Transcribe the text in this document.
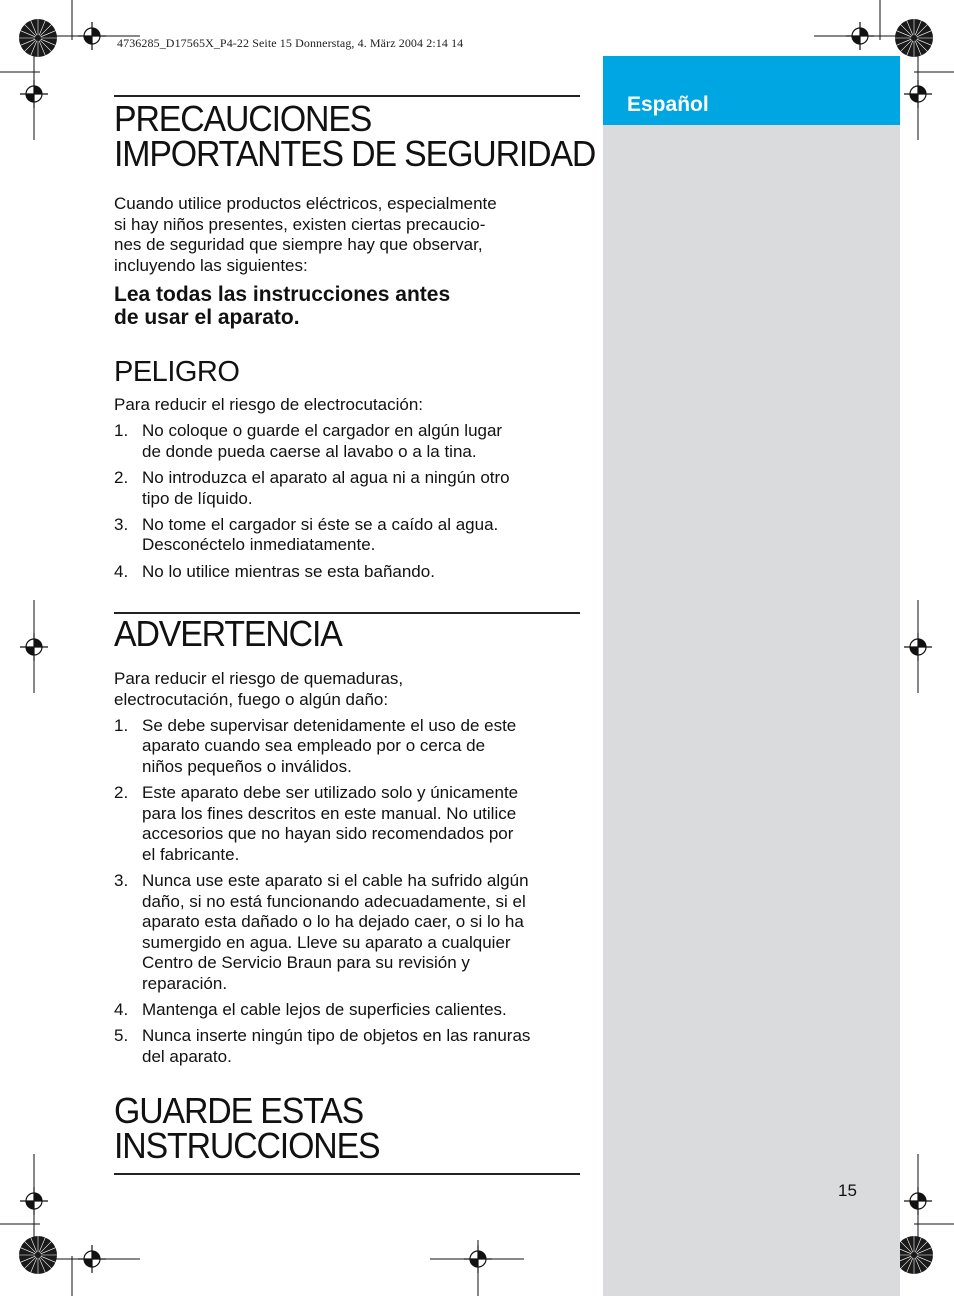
4736285_D17565X_P4-22 Seite 15 Donnerstag, 4. März 2004 2:14 14
Español
PRECAUCIONES
IMPORTANTES DE SEGURIDAD

Cuando utilice productos eléctricos, especialmente
si hay niños presentes, existen ciertas precaucio-
nes de seguridad que siempre hay que observar,
incluyendo las siguientes:

Lea todas las instrucciones antes
de usar el aparato.

PELIGRO

Para reducir el riesgo de electrocutación:

1. No coloque o guarde el cargador en algún lugar
de donde pueda caerse al lavabo o a la tina.
2. No introduzca el aparato al agua ni a ningún otro
tipo de líquido.
3. No tome el cargador si éste se a caído al agua.
Desconéctelo inmediatamente.
4. No lo utilice mientras se esta bañando.
ADVERTENCIA

Para reducir el riesgo de quemaduras,
electrocutación, fuego o algún daño:

1. Se debe supervisar detenidamente el uso de este
aparato cuando sea empleado por o cerca de
niños pequeños o inválidos.
2. Este aparato debe ser utilizado solo y únicamente
para los fines descritos en este manual. No utilice
accesorios que no hayan sido recomendados por
el fabricante.
3. Nunca use este aparato si el cable ha sufrido algún
daño, si no está funcionando adecuadamente, si el
aparato esta dañado o lo ha dejado caer, o si lo ha
sumergido en agua. Lleve su aparato a cualquier
Centro de Servicio Braun para su revisión y
reparación.
4. Mantenga el cable lejos de superficies calientes.
5. Nunca inserte ningún tipo de objetos en las ranuras
del aparato.
GUARDE ESTAS
INSTRUCCIONES
15
